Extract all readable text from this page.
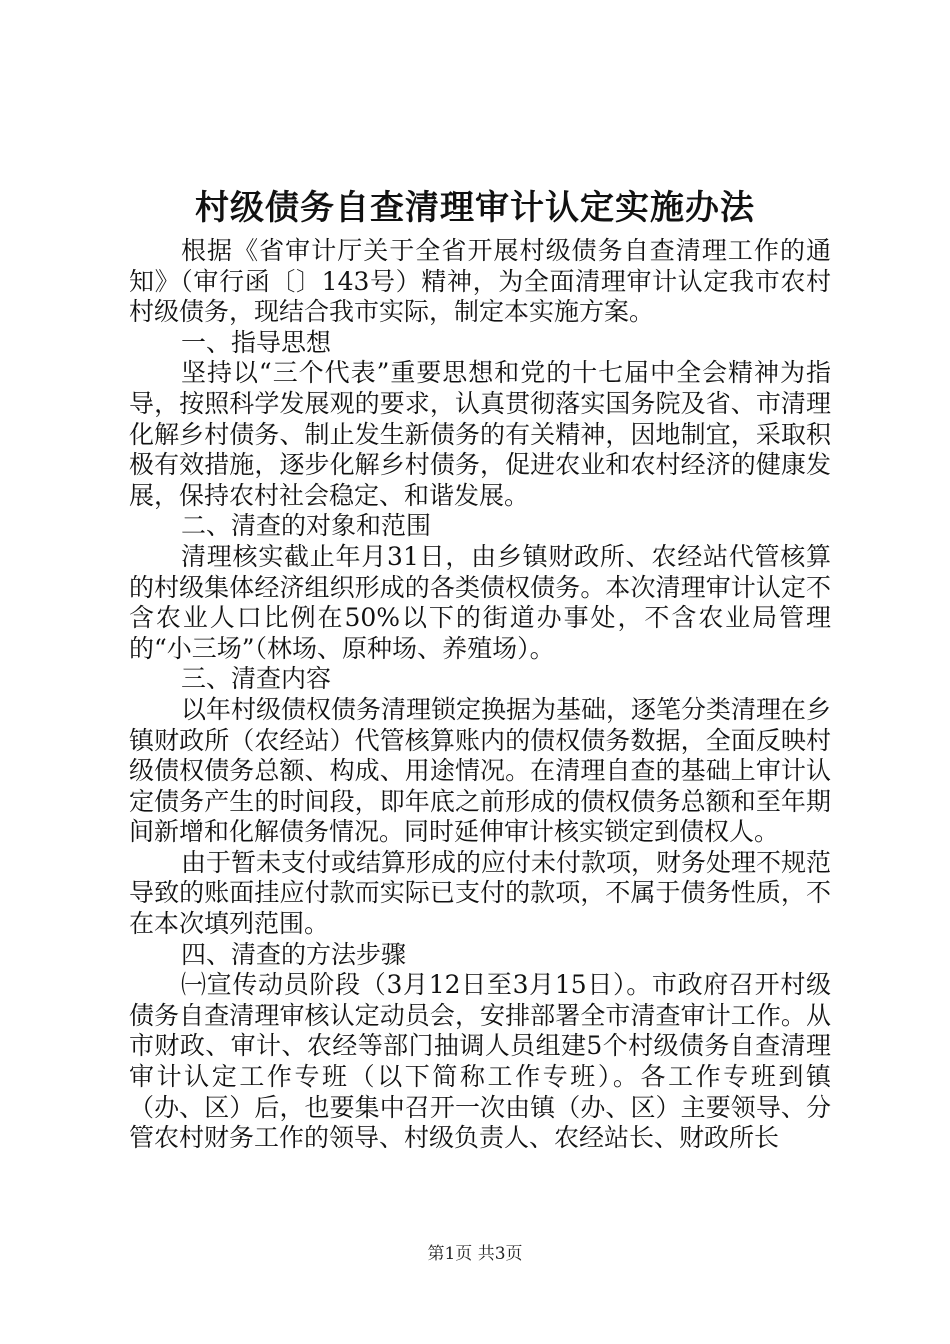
村级债务自查清理审计认定实施办法

根据《省审计厅关于全省开展村级债务自查清理工作的通知》（审行函〔〕143号）精神，为全面清理审计认定我市农村村级债务，现结合我市实际，制定本实施方案。

一、指导思想

坚持以“三个代表”重要思想和党的十七届中全会精神为指导，按照科学发展观的要求，认真贯彻落实国务院及省、市清理化解乡村债务、制止发生新债务的有关精神，因地制宜，采取积极有效措施，逐步化解乡村债务，促进农业和农村经济的健康发展，保持农村社会稳定、和谐发展。

二、清查的对象和范围

清理核实截止年月31日，由乡镇财政所、农经站代管核算的村级集体经济组织形成的各类债权债务。本次清理审计认定不含农业人口比例在50%以下的街道办事处，不含农业局管理的“小三场”（林场、原种场、养殖场）。

三、清查内容

以年村级债权债务清理锁定换据为基础，逐笔分类清理在乡镇财政所（农经站）代管核算账内的债权债务数据，全面反映村级债权债务总额、构成、用途情况。在清理自查的基础上审计认定债务产生的时间段，即年底之前形成的债权债务总额和至年期间新增和化解债务情况。同时延伸审计核实锁定到债权人。

由于暂未支付或结算形成的应付未付款项，财务处理不规范导致的账面挂应付款而实际已支付的款项，不属于债务性质，不在本次填列范围。

四、清查的方法步骤

㈠宣传动员阶段（3月12日至3月15日）。市政府召开村级债务自查清理审核认定动员会，安排部署全市清查审计工作。从市财政、审计、农经等部门抽调人员组建5个村级债务自查清理审计认定工作专班（以下简称工作专班）。各工作专班到镇（办、区）后，也要集中召开一次由镇（办、区）主要领导、分管农村财务工作的领导、村级负责人、农经站长、财政所长

第1页 共3页
